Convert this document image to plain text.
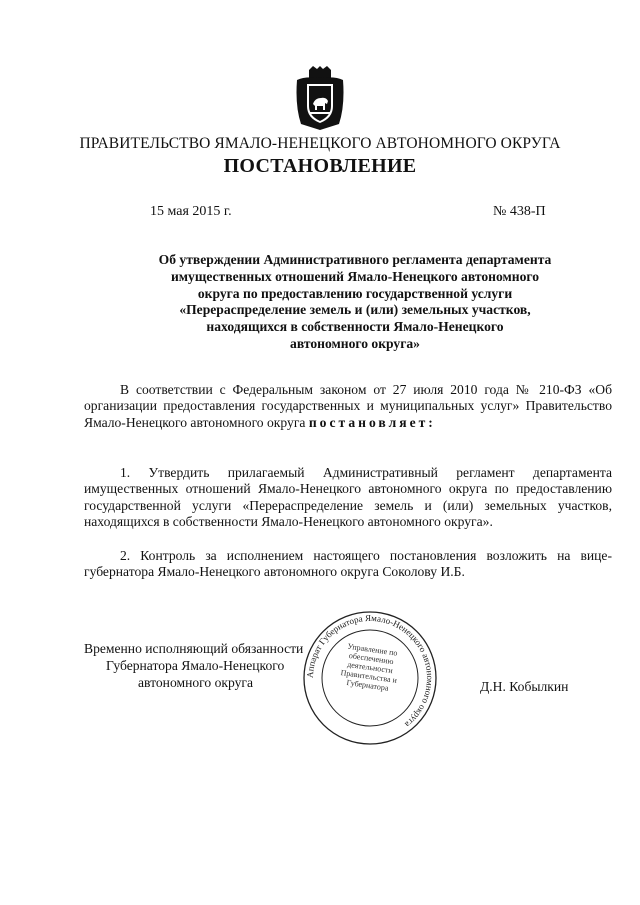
ПРАВИТЕЛЬСТВО ЯМАЛО-НЕНЕЦКОГО АВТОНОМНОГО ОКРУГА
ПОСТАНОВЛЕНИЕ
15 мая 2015 г.	№ 438-П
Об утверждении Административного регламента департамента
имущественных отношений Ямало-Ненецкого автономного
округа по предоставлению государственной услуги
«Перераспределение земель и (или) земельных участков,
находящихся в собственности Ямало-Ненецкого
автономного округа»
В соответствии с Федеральным законом от 27 июля 2010 года № 210-ФЗ «Об организации предоставления государственных и муниципальных услуг» Правительство Ямало-Ненецкого автономного округа постановляет:
1. Утвердить прилагаемый Административный регламент департамента имущественных отношений Ямало-Ненецкого автономного округа по предоставлению государственной услуги «Перераспределение земель и (или) земельных участков, находящихся в собственности Ямало-Ненецкого автономного округа».
2. Контроль за исполнением настоящего постановления возложить на вице-губернатора Ямало-Ненецкого автономного округа Соколову И.Б.
Аппарат Губернатора Ямало-Ненецкого автономного округа
Управление по обеспечению деятельности Правительства и Губернатора
Временно исполняющий обязанности
Губернатора Ямало-Ненецкого
автономного округа	Д.Н. Кобылкин
